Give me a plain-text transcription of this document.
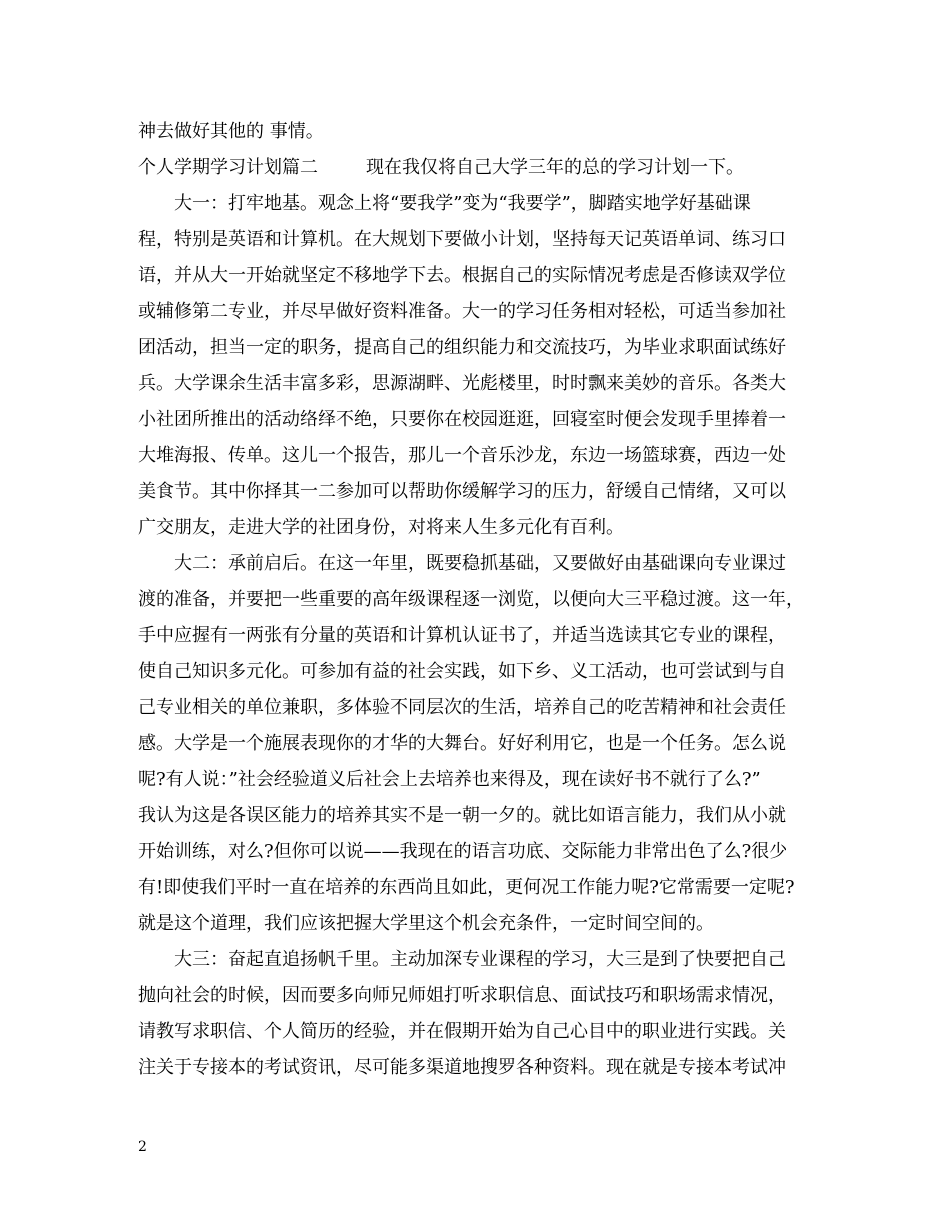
神去做好其他的 事情。
个人学期学习计划篇二	现在我仅将自己大学三年的总的学习计划一下。
大一：打牢地基。观念上将“要我学”变为“我要学”，脚踏实地学好基础课
程，特别是英语和计算机。在大规划下要做小计划，坚持每天记英语单词、练习口
语，并从大一开始就坚定不移地学下去。根据自己的实际情况考虑是否修读双学位
或辅修第二专业，并尽早做好资料准备。大一的学习任务相对轻松，可适当参加社
团活动，担当一定的职务，提高自己的组织能力和交流技巧，为毕业求职面试练好
兵。大学课余生活丰富多彩，思源湖畔、光彪楼里，时时飘来美妙的音乐。各类大
小社团所推出的活动络绎不绝，只要你在校园逛逛，回寝室时便会发现手里捧着一
大堆海报、传单。这儿一个报告，那儿一个音乐沙龙，东边一场篮球赛，西边一处
美食节。其中你择其一二参加可以帮助你缓解学习的压力，舒缓自己情绪，又可以
广交朋友，走进大学的社团身份，对将来人生多元化有百利。
大二：承前启后。在这一年里，既要稳抓基础，又要做好由基础课向专业课过
渡的准备，并要把一些重要的高年级课程逐一浏览，以便向大三平稳过渡。这一年，
手中应握有一两张有分量的英语和计算机认证书了，并适当选读其它专业的课程，
使自己知识多元化。可参加有益的社会实践，如下乡、义工活动，也可尝试到与自
己专业相关的单位兼职，多体验不同层次的生活，培养自己的吃苦精神和社会责任
感。大学是一个施展表现你的才华的大舞台。好好利用它，也是一个任务。怎么说
呢?有人说：”社会经验道义后社会上去培养也来得及，现在读好书不就行了么?”
我认为这是各误区能力的培养其实不是一朝一夕的。就比如语言能力，我们从小就
开始训练，对么?但你可以说——我现在的语言功底、交际能力非常出色了么?很少
有!即使我们平时一直在培养的东西尚且如此，更何况工作能力呢?它常需要一定呢?
就是这个道理，我们应该把握大学里这个机会充条件，一定时间空间的。
大三：奋起直追扬帆千里。主动加深专业课程的学习，大三是到了快要把自己
抛向社会的时候，因而要多向师兄师姐打听求职信息、面试技巧和职场需求情况，
请教写求职信、个人简历的经验，并在假期开始为自己心目中的职业进行实践。关
注关于专接本的考试资讯，尽可能多渠道地搜罗各种资料。现在就是专接本考试冲
2
